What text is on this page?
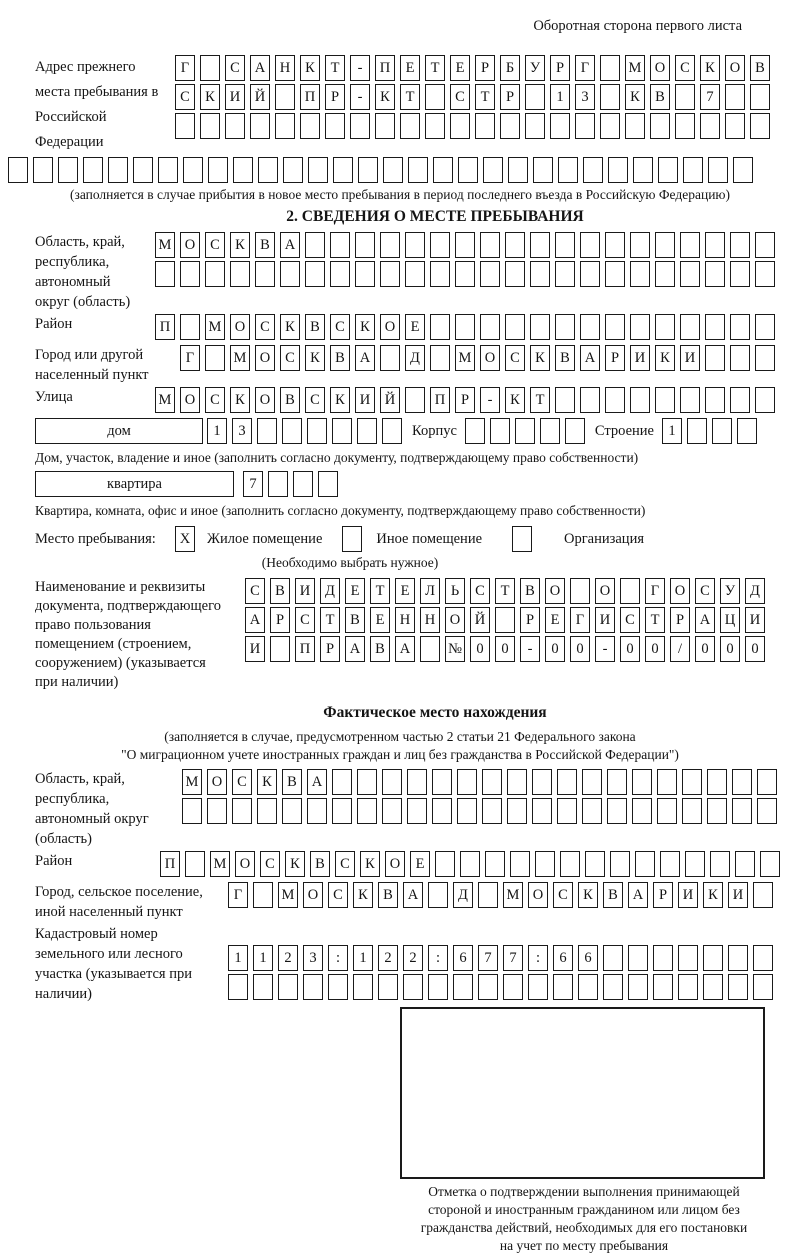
Оборотная сторона первого листа
Адрес прежнего места пребывания в Российской Федерации
Г	С	А	Н	К	Т	-	П	Е	Т	Е	Р	Б	У	Р	Г	М О	С	К	О	В
С	К	И	Й	П	Р	-	К	Т	С	Т	Р	1	3	К	В	7
(заполняется в случае прибытия в новое место пребывания в период последнего въезда в Российскую Федерацию)
2. СВЕДЕНИЯ О МЕСТЕ ПРЕБЫВАНИЯ
Область, край, республика, автономный округ (область)
М О	С	К	В	А
Район	П	М О	С	К	В	С	К	О	Е
Город или другой населенный пункт
Г	М О	С	К	В	А	Д	М О	С	К	В	А	Р	И	К	И
Улица	М О	С	К	О	В	С	К	И	Й	П	Р	-	К	Т
дом	1	3	Корпус	Строение 1
Дом, участок, владение и иное (заполнить согласно документу, подтверждающему право собственности)
квартира	7
Квартира, комната, офис и иное (заполнить согласно документу, подтверждающему право собственности)
Место пребывания:	X	Жилое помещение	Иное помещение	Организация
(Необходимо выбрать нужное)
Наименование и реквизиты документа, подтверждающего право пользования помещением (строением, сооружением) (указывается при наличии)
С	В	И	Д	Е	Т	Е	Л	Ь	С	Т	В	О	О	Г	О	С	У	Д
А	Р	С	Т	В	Е	Н	Н	О	Й	Р	Е	Г	И	С	Т	Р	А	Ц	И
И	П	Р	А	В	А	№ 0	0	-	0	0	-	0	0	/	0	0	0
Фактическое место нахождения
(заполняется в случае, предусмотренном частью 2 статьи 21 Федерального закона
"О миграционном учете иностранных граждан и лиц без гражданства в Российской Федерации")
Область, край, республика, автономный округ (область)
М О	С	К	В	А
Район	П	М О	С	К	В	С	К	О	Е
Город, сельское поселение, иной населенный пункт
Г	М О	С	К	В	А	Д	М О	С	К	В	А	Р	И	К	И
Кадастровый номер земельного или лесного участка (указывается при наличии)
1	1	2	3	:	1	2	2	:	6	7	7	:	6	6
Отметка о подтверждении выполнения принимающей
стороной и иностранным гражданином или лицом без
гражданства действий, необходимых для его постановки
на учет по месту пребывания
